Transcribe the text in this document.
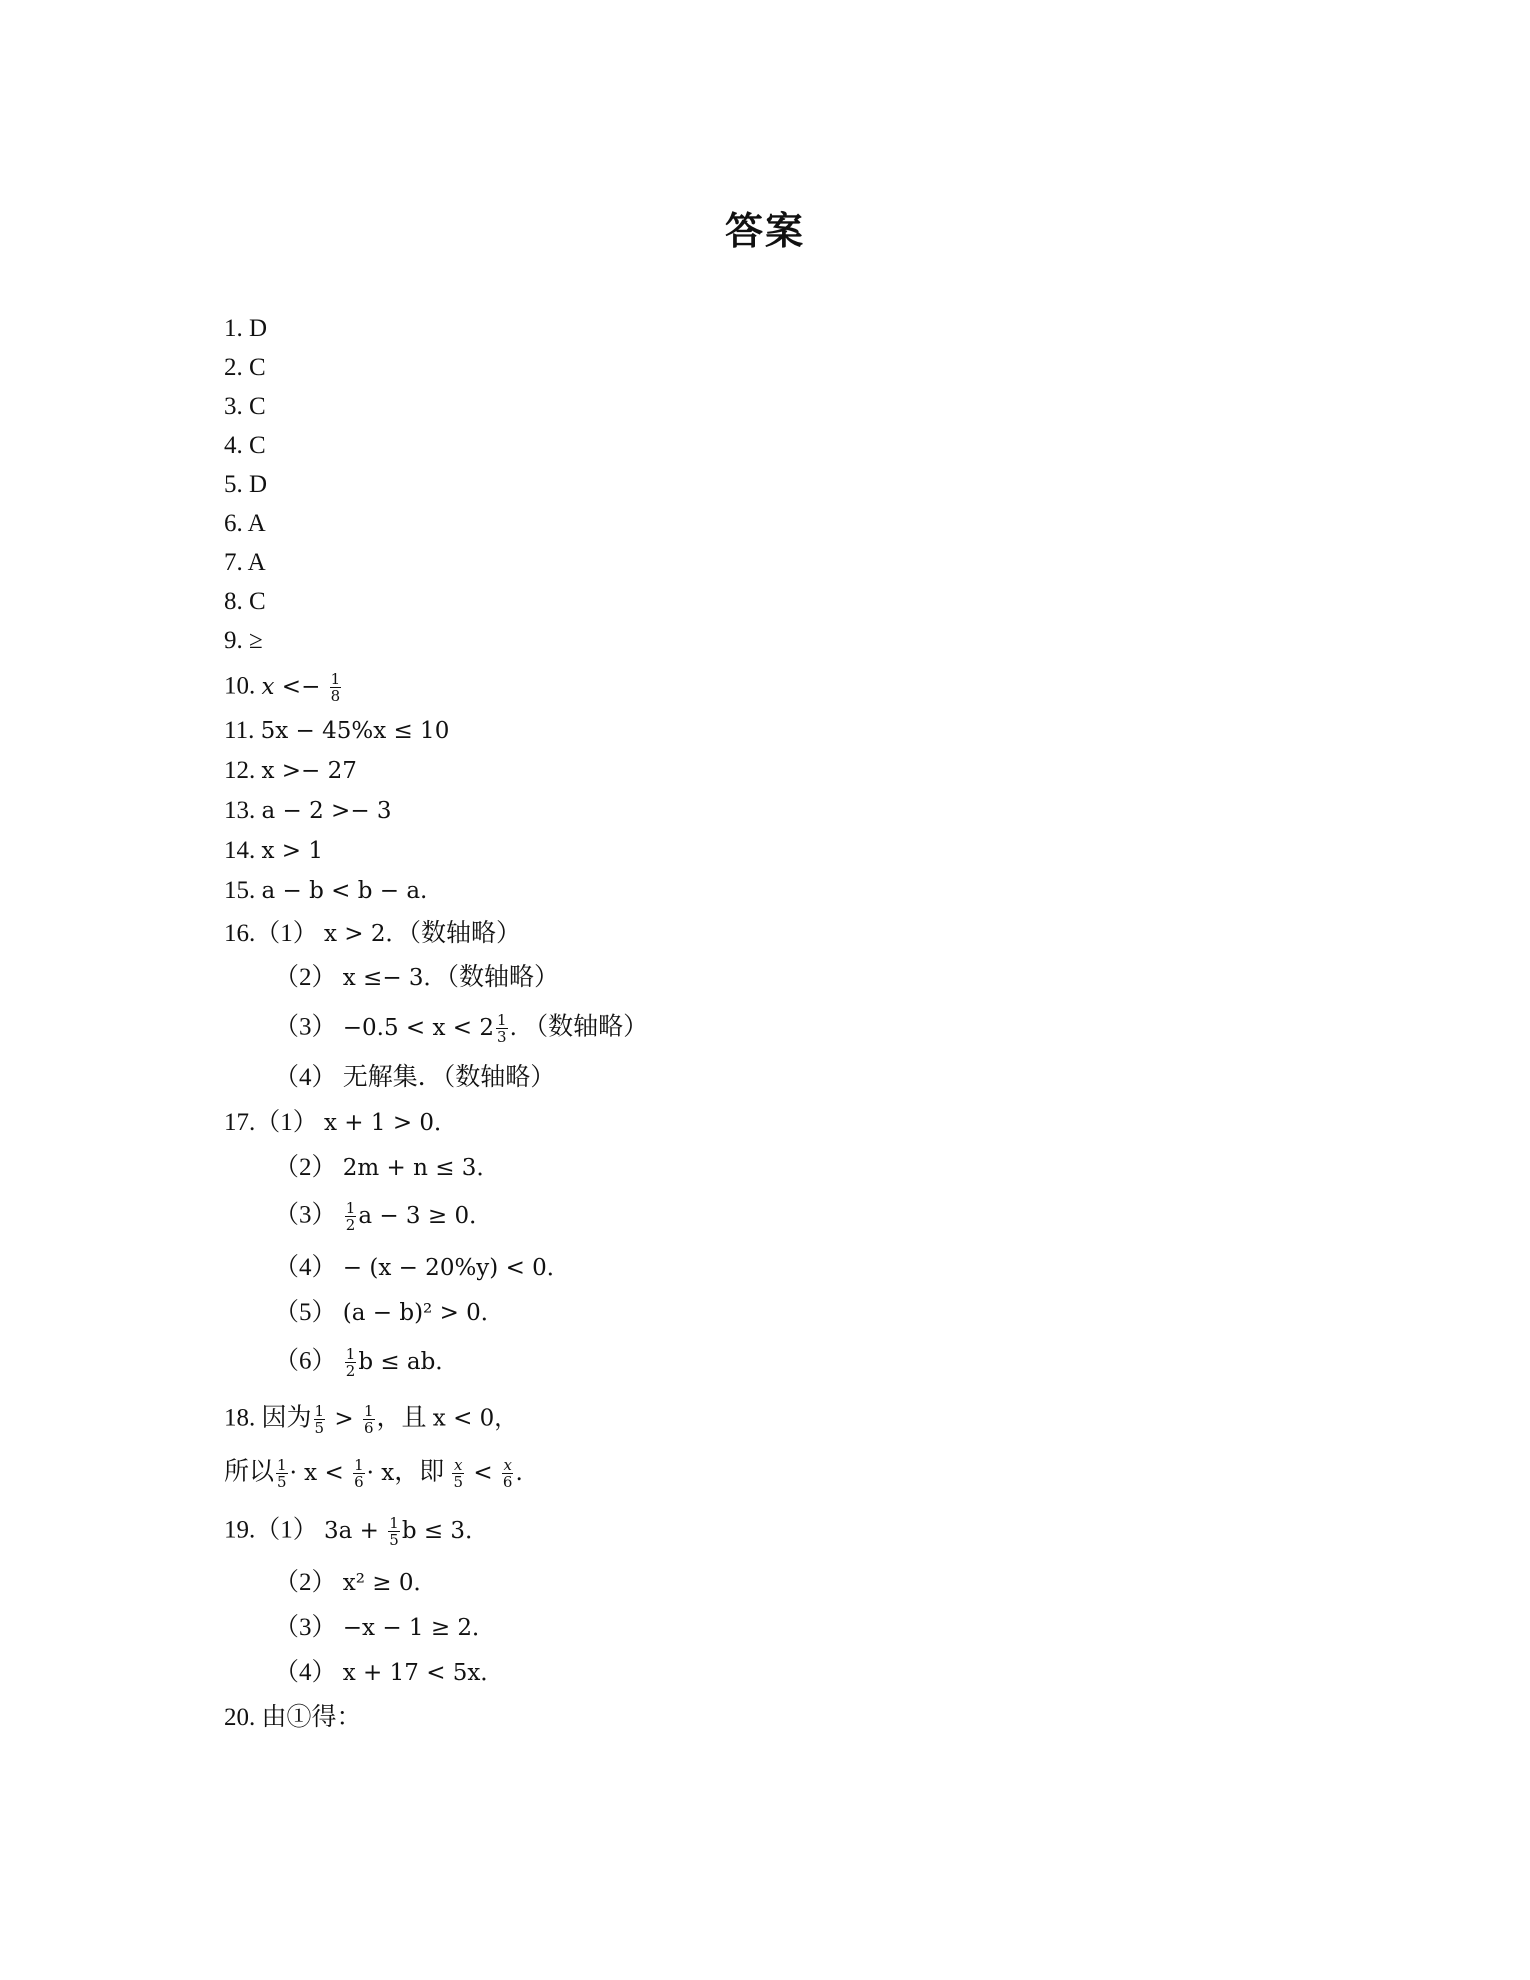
答案
1. D
2. C
3. C
4. C
5. D
6. A
7. A
8. C
9. ≥
10. $x <- \frac{1}{8}$
11. 5x − 45%x ≤ 10
12. x >− 27
13. a − 2 >− 3
14. x > 1
15. a − b < b − a.
16.（1） x > 2．（数轴略）
（2） x ≤− 3．（数轴略）
$(3) -0.5 < x < 2 \frac{1}{3}$ . （数轴略）
（4） 无解集．（数轴略）
17.（1） x + 1 > 0．
（2） 2m + n ≤ 3．
$(3) \frac{1}{2}$ a − 3 ≥ 0．
（4） − (x − 20%y) < 0．
（5） (a − b)² > 0．
$(6) \frac{1}{2}$ b ≤ ab．
18. 因为 $\frac{1}{5} > \frac{1}{6}$ ，且 x < 0，
所以 $\frac{1}{5} \cdot x < \frac{1}{6} \cdot x$，即 $\frac{x}{5} < \frac{x}{6}$ .
19.（1） $3a + \frac{1}{5}$ b ≤ 3．
（2） x² ≥ 0．
（3） −x − 1 ≥ 2．
（4） x + 17 < 5x．
20. 由①得：
